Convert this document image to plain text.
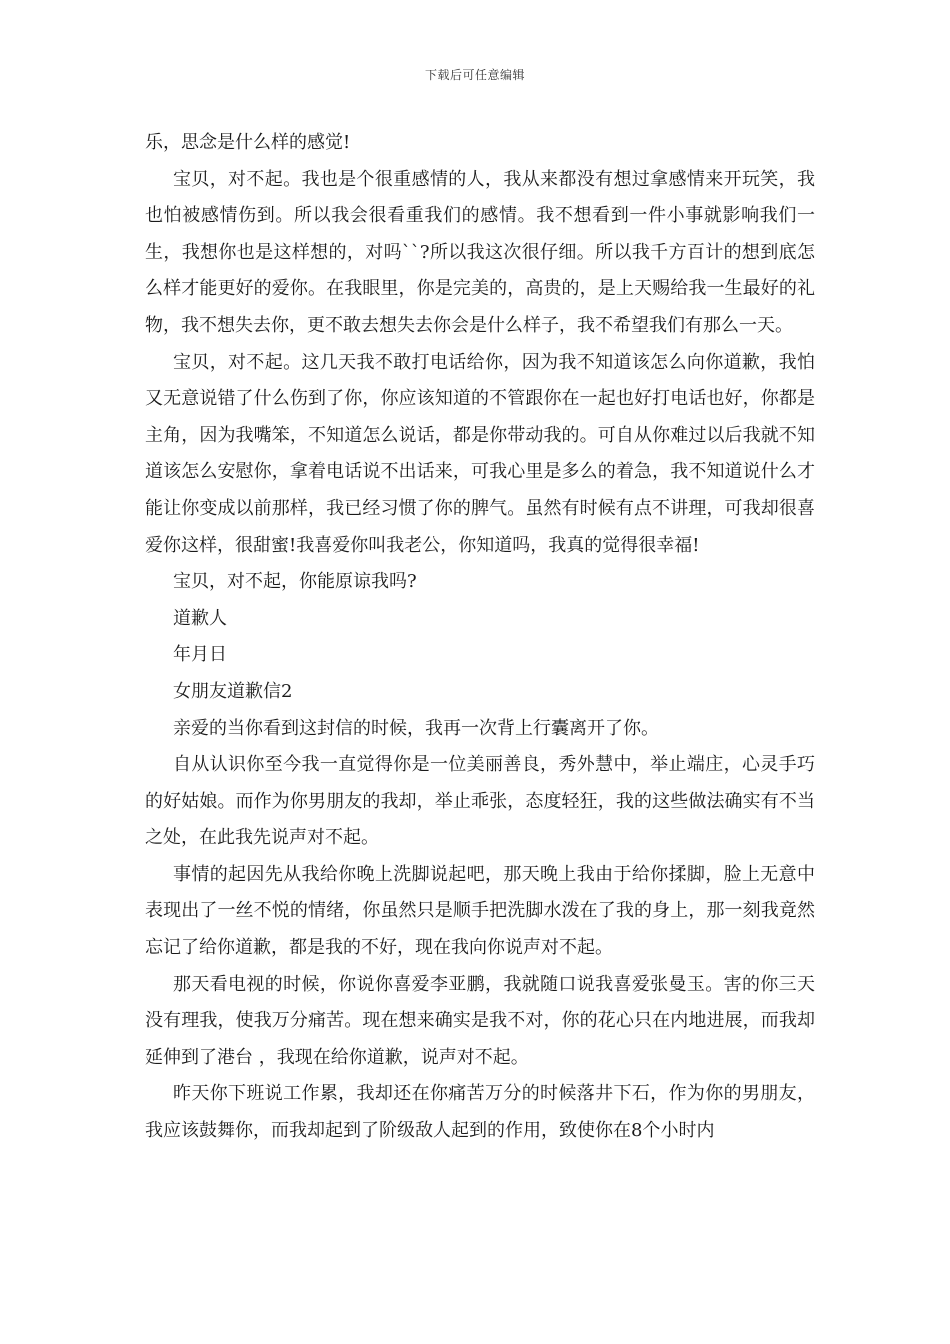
下载后可任意编辑

乐，思念是什么样的感觉!

宝贝，对不起。我也是个很重感情的人，我从来都没有想过拿感情来开玩笑，我也怕被感情伤到。所以我会很看重我们的感情。我不想看到一件小事就影响我们一生，我想你也是这样想的，对吗``?所以我这次很仔细。所以我千方百计的想到底怎么样才能更好的爱你。在我眼里，你是完美的，高贵的，是上天赐给我一生最好的礼物，我不想失去你，更不敢去想失去你会是什么样子，我不希望我们有那么一天。

宝贝，对不起。这几天我不敢打电话给你，因为我不知道该怎么向你道歉，我怕又无意说错了什么伤到了你，你应该知道的不管跟你在一起也好打电话也好，你都是主角，因为我嘴笨，不知道怎么说话，都是你带动我的。可自从你难过以后我就不知道该怎么安慰你，拿着电话说不出话来，可我心里是多么的着急，我不知道说什么才能让你变成以前那样，我已经习惯了你的脾气。虽然有时候有点不讲理，可我却很喜爱你这样，很甜蜜!我喜爱你叫我老公，你知道吗，我真的觉得很幸福!

宝贝，对不起，你能原谅我吗?

道歉人

年月日

女朋友道歉信2

亲爱的当你看到这封信的时候，我再一次背上行囊离开了你。

自从认识你至今我一直觉得你是一位美丽善良，秀外慧中，举止端庄，心灵手巧的好姑娘。而作为你男朋友的我却，举止乖张，态度轻狂，我的这些做法确实有不当之处，在此我先说声对不起。

事情的起因先从我给你晚上洗脚说起吧，那天晚上我由于给你揉脚，脸上无意中表现出了一丝不悦的情绪，你虽然只是顺手把洗脚水泼在了我的身上，那一刻我竟然忘记了给你道歉，都是我的不好，现在我向你说声对不起。

那天看电视的时候，你说你喜爱李亚鹏，我就随口说我喜爱张曼玉。害的你三天没有理我，使我万分痛苦。现在想来确实是我不对，你的花心只在内地进展，而我却延伸到了港台 ，我现在给你道歉，说声对不起。

昨天你下班说工作累，我却还在你痛苦万分的时候落井下石，作为你的男朋友，我应该鼓舞你，而我却起到了阶级敌人起到的作用，致使你在8个小时内
